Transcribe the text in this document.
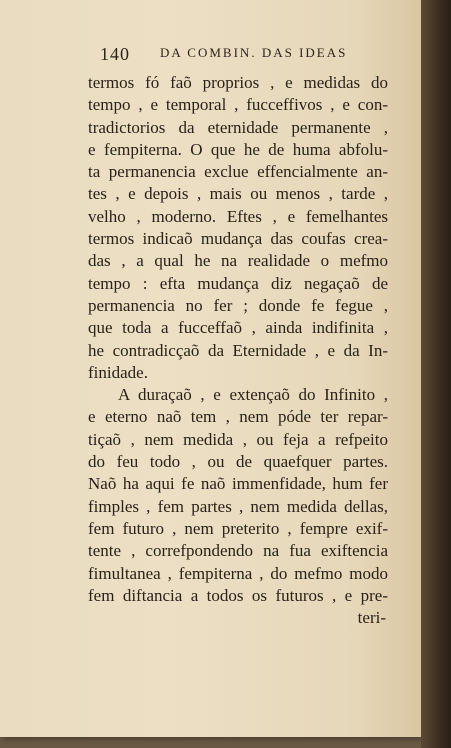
140 DA COMBIN. DAS IDEAS
termos fó faõ proprios , e medidas do
tempo , e temporal , fucceffivos , e con-
tradictorios da eternidade permanente ,
e fempiterna. O que he de huma abfolu-
ta permanencia exclue effencialmente an-
tes , e depois , mais ou menos , tarde ,
velho , moderno. Eftes , e femelhantes
termos indicaõ mudança das coufas crea-
das , a qual he na realidade o mefmo
tempo : efta mudança diz negaçaõ de
permanencia no fer ; donde fe fegue ,
que toda a fucceffaõ , ainda indifinita ,
he contradicçaõ da Eternidade , e da In-
finidade.
A duraçaõ , e extençaõ do Infinito ,
e eterno naõ tem , nem póde ter repar-
tiçaõ , nem medida , ou feja a refpeito
do feu todo , ou de quaefquer partes.
Naõ ha aqui fe naõ immenfidade, hum fer
fimples , fem partes , nem medida dellas,
fem futuro , nem preterito , fempre exif-
tente , correfpondendo na fua exiftencia
fimultanea , fempiterna , do mefmo modo
fem diftancia a todos os futuros , e pre-
teri-
